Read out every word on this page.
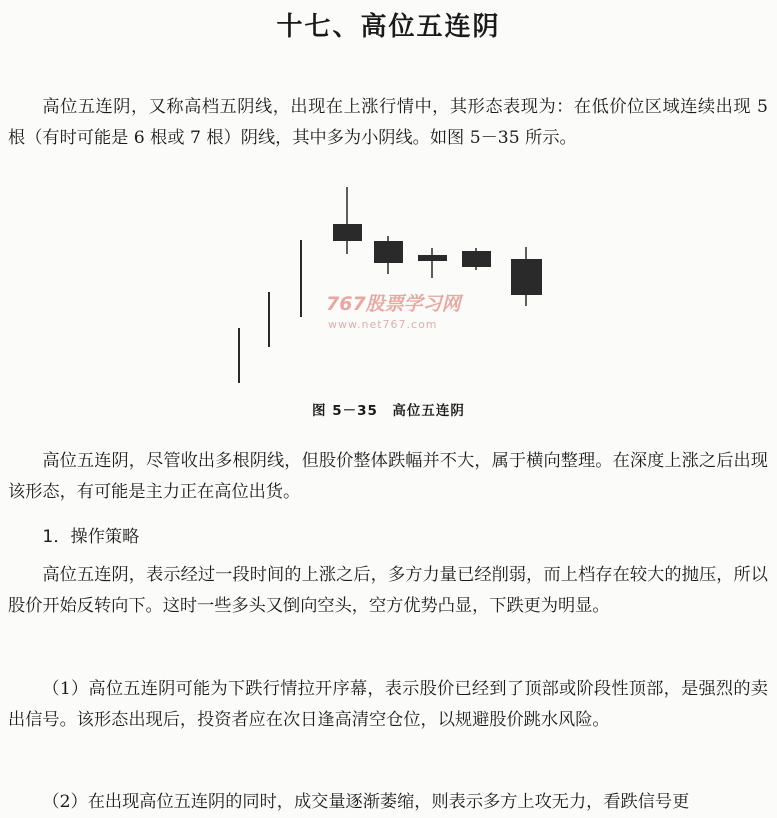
十七、高位五连阴

高位五连阴，又称高档五阴线，出现在上涨行情中，其形态表现为：在低价位区域连续出现 5 根（有时可能是 6 根或 7 根）阴线，其中多为小阴线。如图 5－35 所示。

767股票学习网
www.net767.com
图 5－35　高位五连阴

高位五连阴，尽管收出多根阴线，但股价整体跌幅并不大，属于横向整理。在深度上涨之后出现该形态，有可能是主力正在高位出货。

1．操作策略

高位五连阴，表示经过一段时间的上涨之后，多方力量已经削弱，而上档存在较大的抛压，所以股价开始反转向下。这时一些多头又倒向空头，空方优势凸显，下跌更为明显。

（1）高位五连阴可能为下跌行情拉开序幕，表示股价已经到了顶部或阶段性顶部，是强烈的卖出信号。该形态出现后，投资者应在次日逢高清空仓位，以规避股价跳水风险。

（2）在出现高位五连阴的同时，成交量逐渐萎缩，则表示多方上攻无力，看跌信号更
